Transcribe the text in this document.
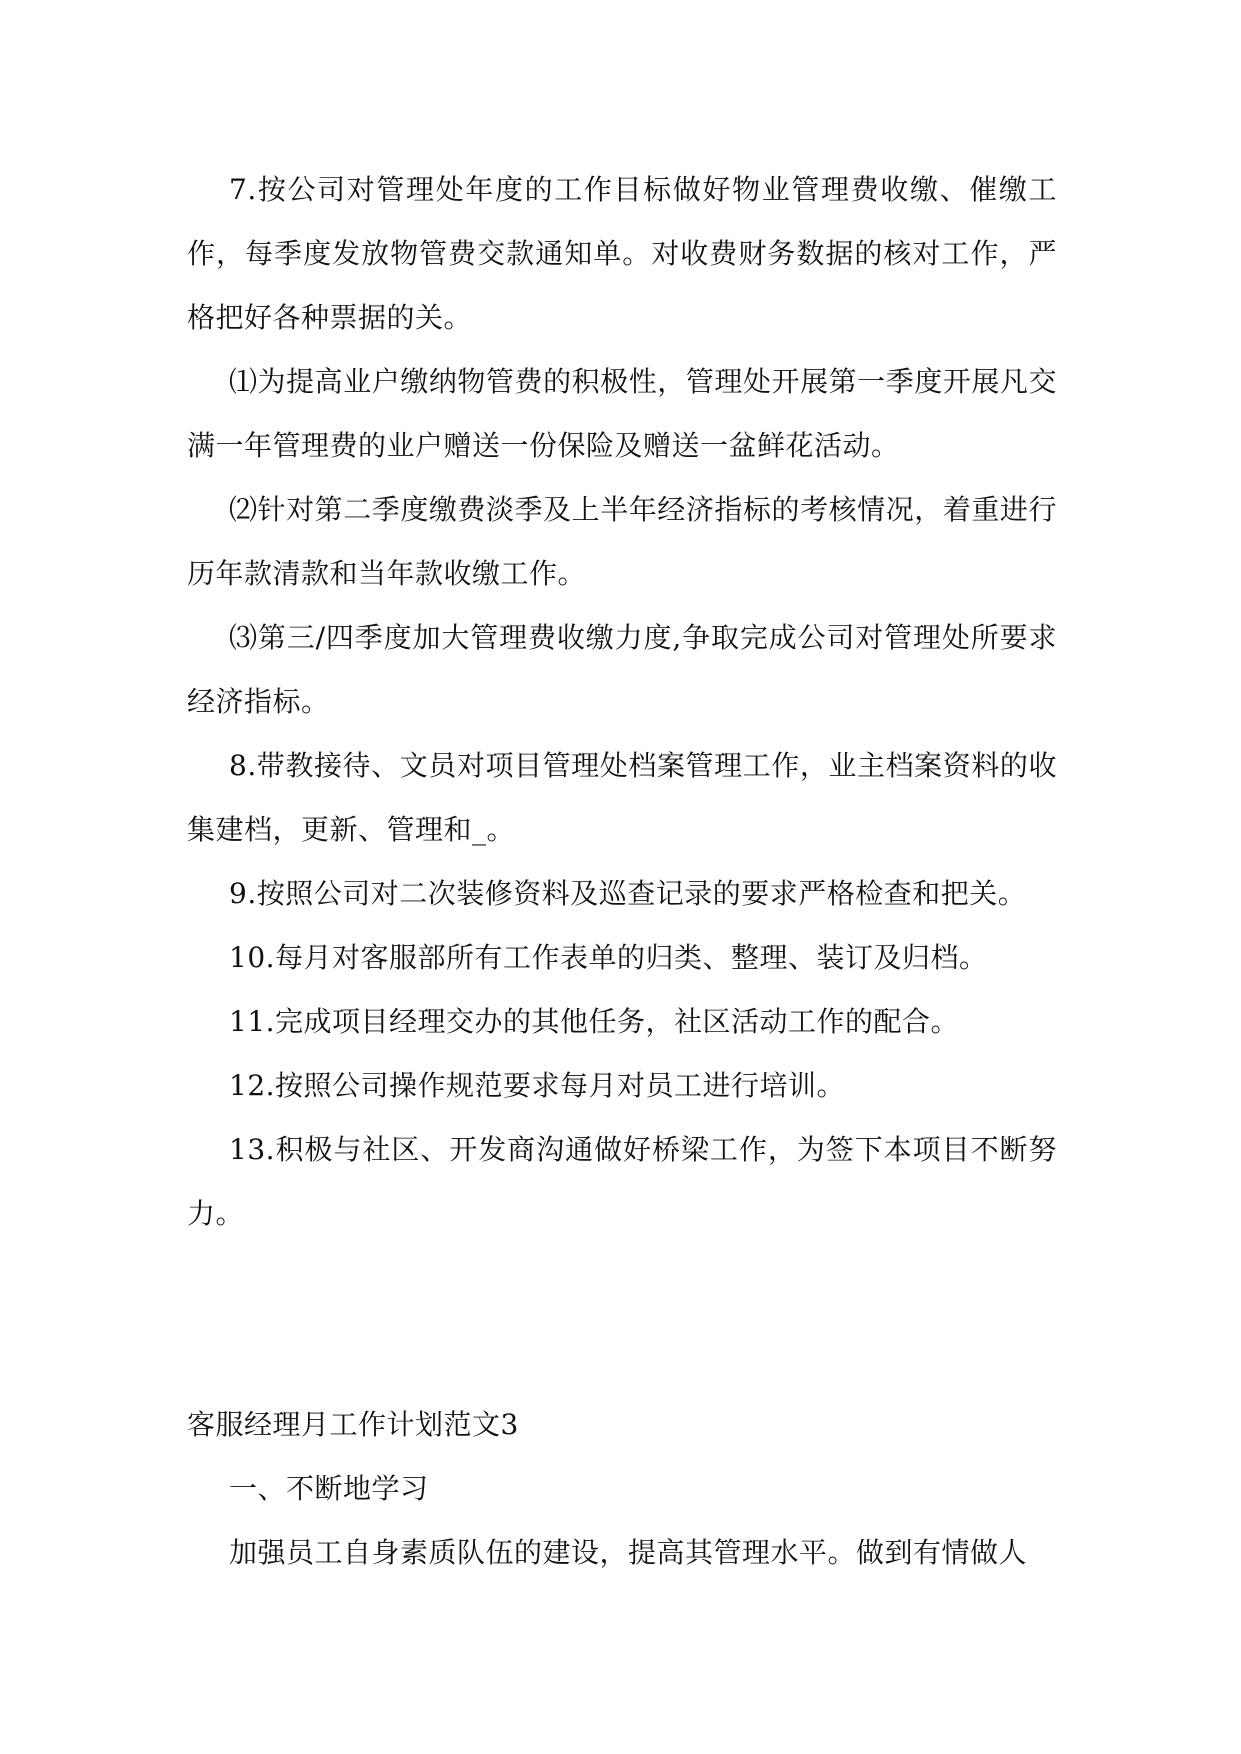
7.按公司对管理处年度的工作目标做好物业管理费收缴、催缴工作，每季度发放物管费交款通知单。对收费财务数据的核对工作，严格把好各种票据的关。

⑴为提高业户缴纳物管费的积极性，管理处开展第一季度开展凡交满一年管理费的业户赠送一份保险及赠送一盆鲜花活动。

⑵针对第二季度缴费淡季及上半年经济指标的考核情况，着重进行历年款清款和当年款收缴工作。

⑶第三/四季度加大管理费收缴力度,争取完成公司对管理处所要求经济指标。

8.带教接待、文员对项目管理处档案管理工作，业主档案资料的收集建档，更新、管理和_。

9.按照公司对二次装修资料及巡查记录的要求严格检查和把关。

10.每月对客服部所有工作表单的归类、整理、装订及归档。

11.完成项目经理交办的其他任务，社区活动工作的配合。

12.按照公司操作规范要求每月对员工进行培训。

13.积极与社区、开发商沟通做好桥梁工作，为签下本项目不断努力。

客服经理月工作计划范文3

一、不断地学习

加强员工自身素质队伍的建设，提高其管理水平。做到有情做人
